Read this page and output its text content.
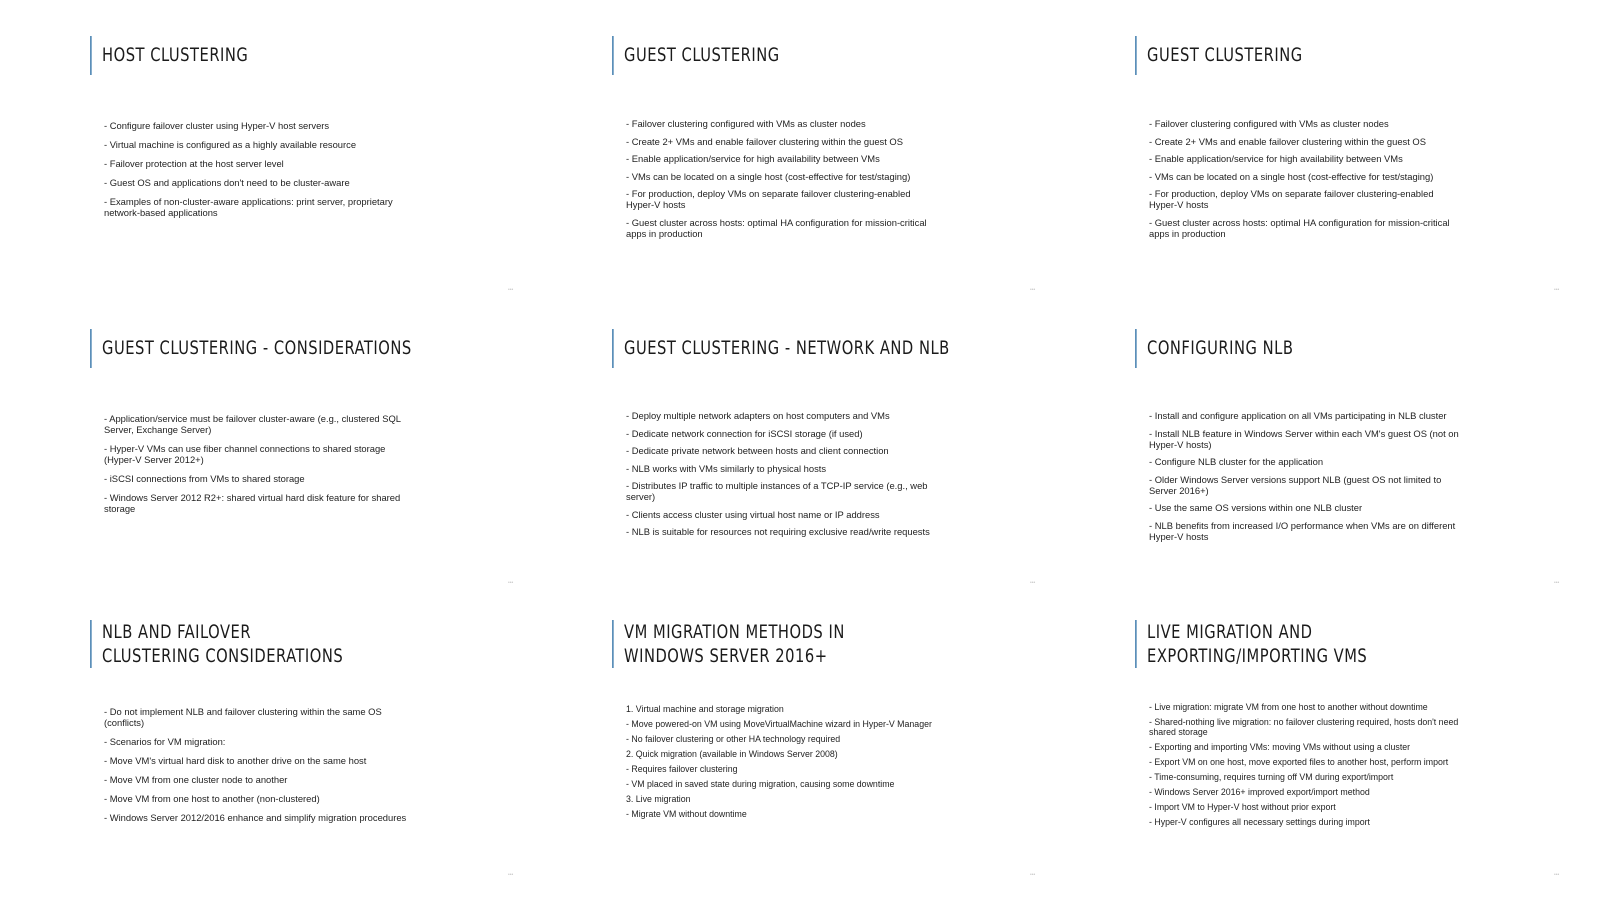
HOST CLUSTERING
- Configure failover cluster using Hyper-V host servers
- Virtual machine is configured as a highly available resource
- Failover protection at the host server level
- Guest OS and applications don't need to be cluster-aware
- Examples of non-cluster-aware applications: print server, proprietary network-based applications
GUEST CLUSTERING
- Failover clustering configured with VMs as cluster nodes
- Create 2+ VMs and enable failover clustering within the guest OS
- Enable application/service for high availability between VMs
- VMs can be located on a single host (cost-effective for test/staging)
- For production, deploy VMs on separate failover clustering-enabled Hyper-V hosts
- Guest cluster across hosts: optimal HA configuration for mission-critical apps in production
GUEST CLUSTERING
- Failover clustering configured with VMs as cluster nodes
- Create 2+ VMs and enable failover clustering within the guest OS
- Enable application/service for high availability between VMs
- VMs can be located on a single host (cost-effective for test/staging)
- For production, deploy VMs on separate failover clustering-enabled Hyper-V hosts
- Guest cluster across hosts: optimal HA configuration for mission-critical apps in production
GUEST CLUSTERING - CONSIDERATIONS
- Application/service must be failover cluster-aware (e.g., clustered SQL Server, Exchange Server)
- Hyper-V VMs can use fiber channel connections to shared storage (Hyper-V Server 2012+)
- iSCSI connections from VMs to shared storage
- Windows Server 2012 R2+: shared virtual hard disk feature for shared storage
GUEST CLUSTERING - NETWORK AND NLB
- Deploy multiple network adapters on host computers and VMs
- Dedicate network connection for iSCSI storage (if used)
- Dedicate private network between hosts and client connection
- NLB works with VMs similarly to physical hosts
- Distributes IP traffic to multiple instances of a TCP-IP service (e.g., web server)
- Clients access cluster using virtual host name or IP address
- NLB is suitable for resources not requiring exclusive read/write requests
CONFIGURING NLB
- Install and configure application on all VMs participating in NLB cluster
- Install NLB feature in Windows Server within each VM's guest OS (not on Hyper-V hosts)
- Configure NLB cluster for the application
- Older Windows Server versions support NLB (guest OS not limited to Server 2016+)
- Use the same OS versions within one NLB cluster
- NLB benefits from increased I/O performance when VMs are on different Hyper-V hosts
NLB AND FAILOVER CLUSTERING CONSIDERATIONS
- Do not implement NLB and failover clustering within the same OS (conflicts)
- Scenarios for VM migration:
- Move VM's virtual hard disk to another drive on the same host
- Move VM from one cluster node to another
- Move VM from one host to another (non-clustered)
- Windows Server 2012/2016 enhance and simplify migration procedures
VM MIGRATION METHODS IN WINDOWS SERVER 2016+
1. Virtual machine and storage migration
- Move powered-on VM using MoveVirtualMachine wizard in Hyper-V Manager
- No failover clustering or other HA technology required
2. Quick migration (available in Windows Server 2008)
- Requires failover clustering
- VM placed in saved state during migration, causing some downtime
3. Live migration
- Migrate VM without downtime
LIVE MIGRATION AND EXPORTING/IMPORTING VMS
- Live migration: migrate VM from one host to another without downtime
- Shared-nothing live migration: no failover clustering required, hosts don't need shared storage
- Exporting and importing VMs: moving VMs without using a cluster
- Export VM on one host, move exported files to another host, perform import
- Time-consuming, requires turning off VM during export/import
- Windows Server 2016+ improved export/import method
- Import VM to Hyper-V host without prior export
- Hyper-V configures all necessary settings during import
•••	•••	•••
•••	•••	•••
•••	•••	•••
